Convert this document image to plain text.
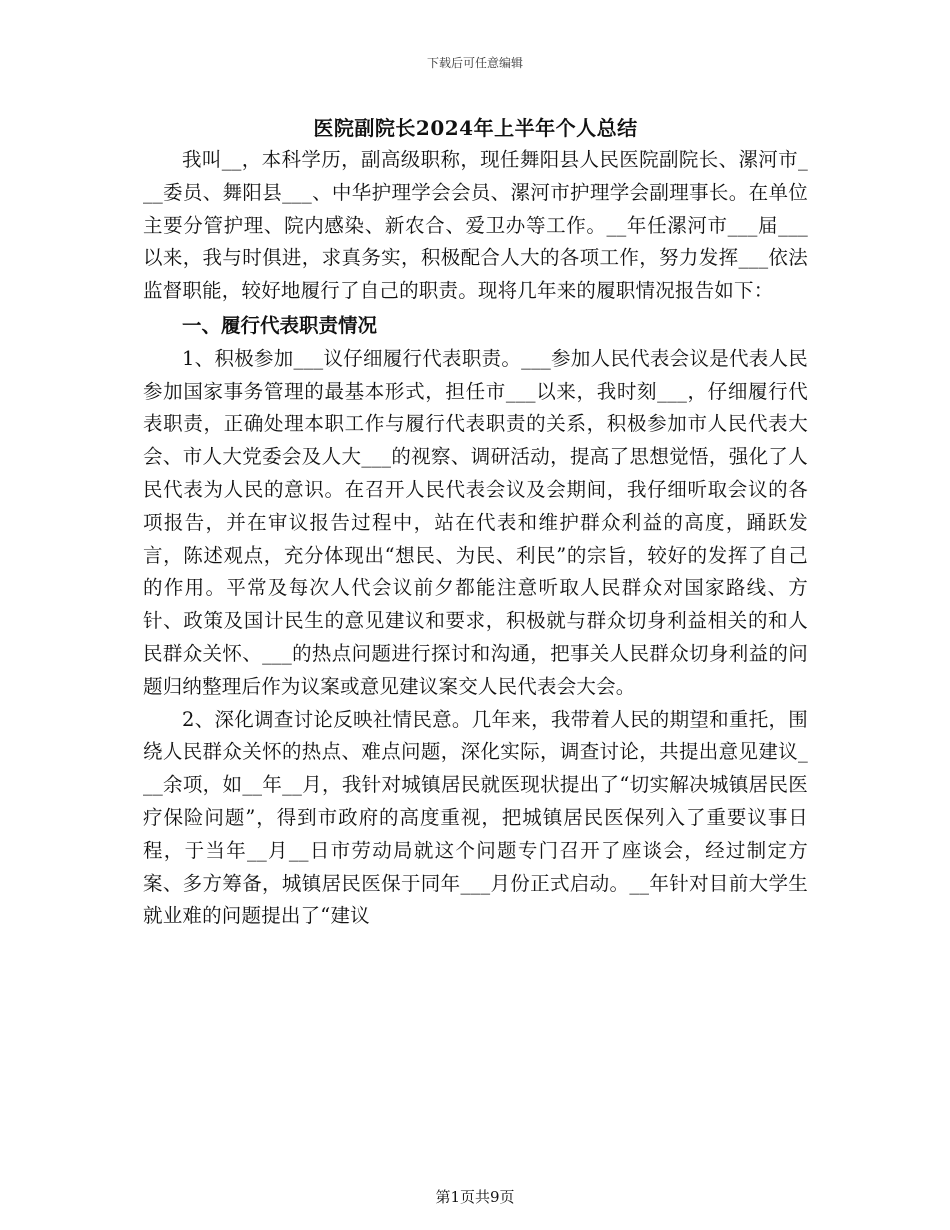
下载后可任意编辑
医院副院长2024年上半年个人总结

我叫__，本科学历，副高级职称，现任舞阳县人民医院副院长、漯河市___委员、舞阳县___、中华护理学会会员、漯河市护理学会副理事长。在单位主要分管护理、院内感染、新农合、爱卫办等工作。__年任漯河市___届___以来，我与时俱进，求真务实，积极配合人大的各项工作，努力发挥___依法监督职能，较好地履行了自己的职责。现将几年来的履职情况报告如下：

一、履行代表职责情况

1、积极参加___议仔细履行代表职责。___参加人民代表会议是代表人民参加国家事务管理的最基本形式，担任市___以来，我时刻___，仔细履行代表职责，正确处理本职工作与履行代表职责的关系，积极参加市人民代表大会、市人大党委会及人大___的视察、调研活动，提高了思想觉悟，强化了人民代表为人民的意识。在召开人民代表会议及会期间，我仔细听取会议的各项报告，并在审议报告过程中，站在代表和维护群众利益的高度，踊跃发言，陈述观点，充分体现出“想民、为民、利民”的宗旨，较好的发挥了自己的作用。平常及每次人代会议前夕都能注意听取人民群众对国家路线、方针、政策及国计民生的意见建议和要求，积极就与群众切身利益相关的和人民群众关怀、___的热点问题进行探讨和沟通，把事关人民群众切身利益的问题归纳整理后作为议案或意见建议案交人民代表会大会。

2、深化调查讨论反映社情民意。几年来，我带着人民的期望和重托，围绕人民群众关怀的热点、难点问题，深化实际，调查讨论，共提出意见建议___余项，如__年__月，我针对城镇居民就医现状提出了“切实解决城镇居民医疗保险问题”，得到市政府的高度重视，把城镇居民医保列入了重要议事日程，于当年__月__日市劳动局就这个问题专门召开了座谈会，经过制定方案、多方筹备，城镇居民医保于同年___月份正式启动。__年针对目前大学生就业难的问题提出了“建议

第1页共9页
